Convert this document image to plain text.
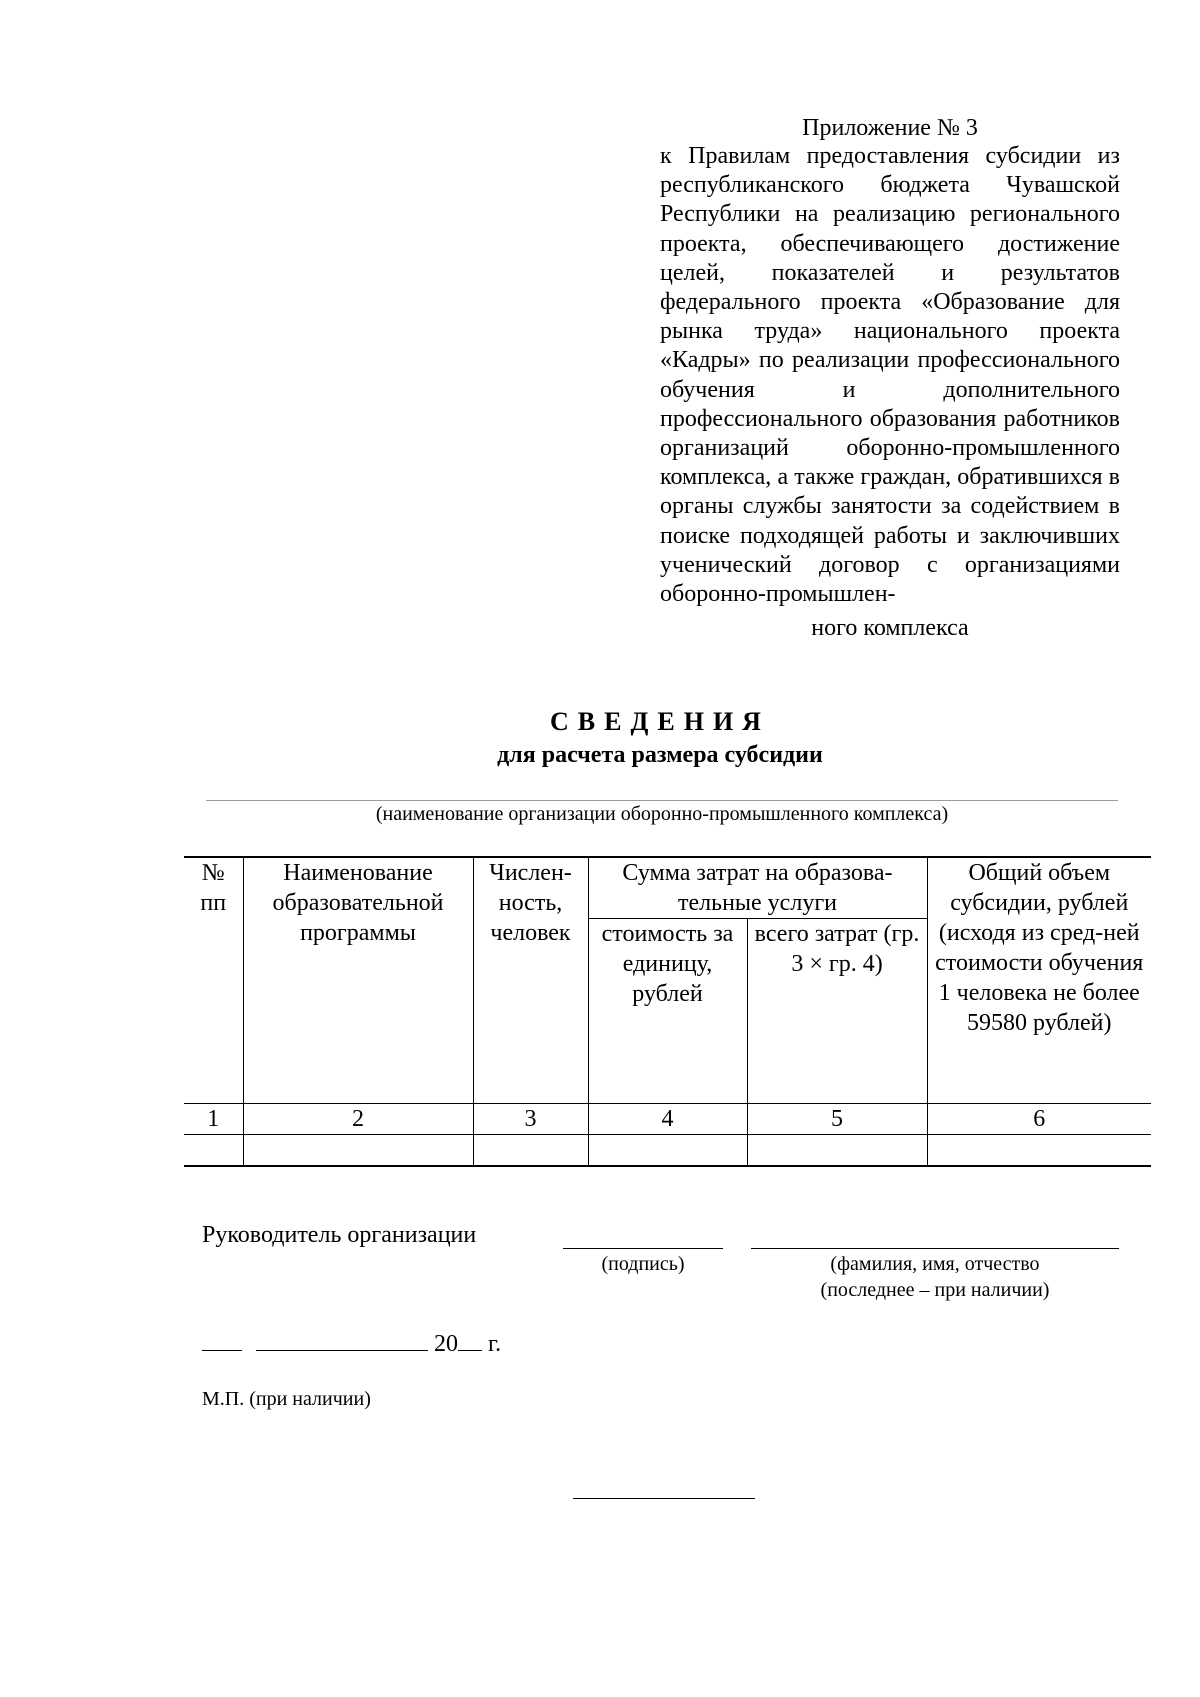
Приложение № 3
к Правилам предоставления субсидии из республиканского бюджета Чувашской Республики на реализацию регионального проекта, обеспечивающего достижение целей, показателей и результатов федерального проекта «Образование для рынка труда» национального проекта «Кадры» по реализации профессионального обучения и дополнительного профессионального образования работников организаций оборонно-промышленного комплекса, а также граждан, обратившихся в органы службы занятости за содействием в поиске подходящей работы и заключивших ученический договор с организациями оборонно-промышлен-
ного комплекса
СВЕДЕНИЯ
для расчета размера субсидии
(наименование организации оборонно-промышленного комплекса)
№ пп	Наименование образовательной программы	Числен-ность, человек	Сумма затрат на образова-тельные услуги		Общий объем субсидии, рублей (исходя из сред-ней стоимости обучения 1 человека не более 59580 рублей)
			стоимость за единицу, рублей	всего затрат (гр. 3 × гр. 4)	
1	2	3	4	5	6

Руководитель организации
(подпись)	(фамилия, имя, отчество
(последнее – при наличии)
20 г.
М.П. (при наличии)
